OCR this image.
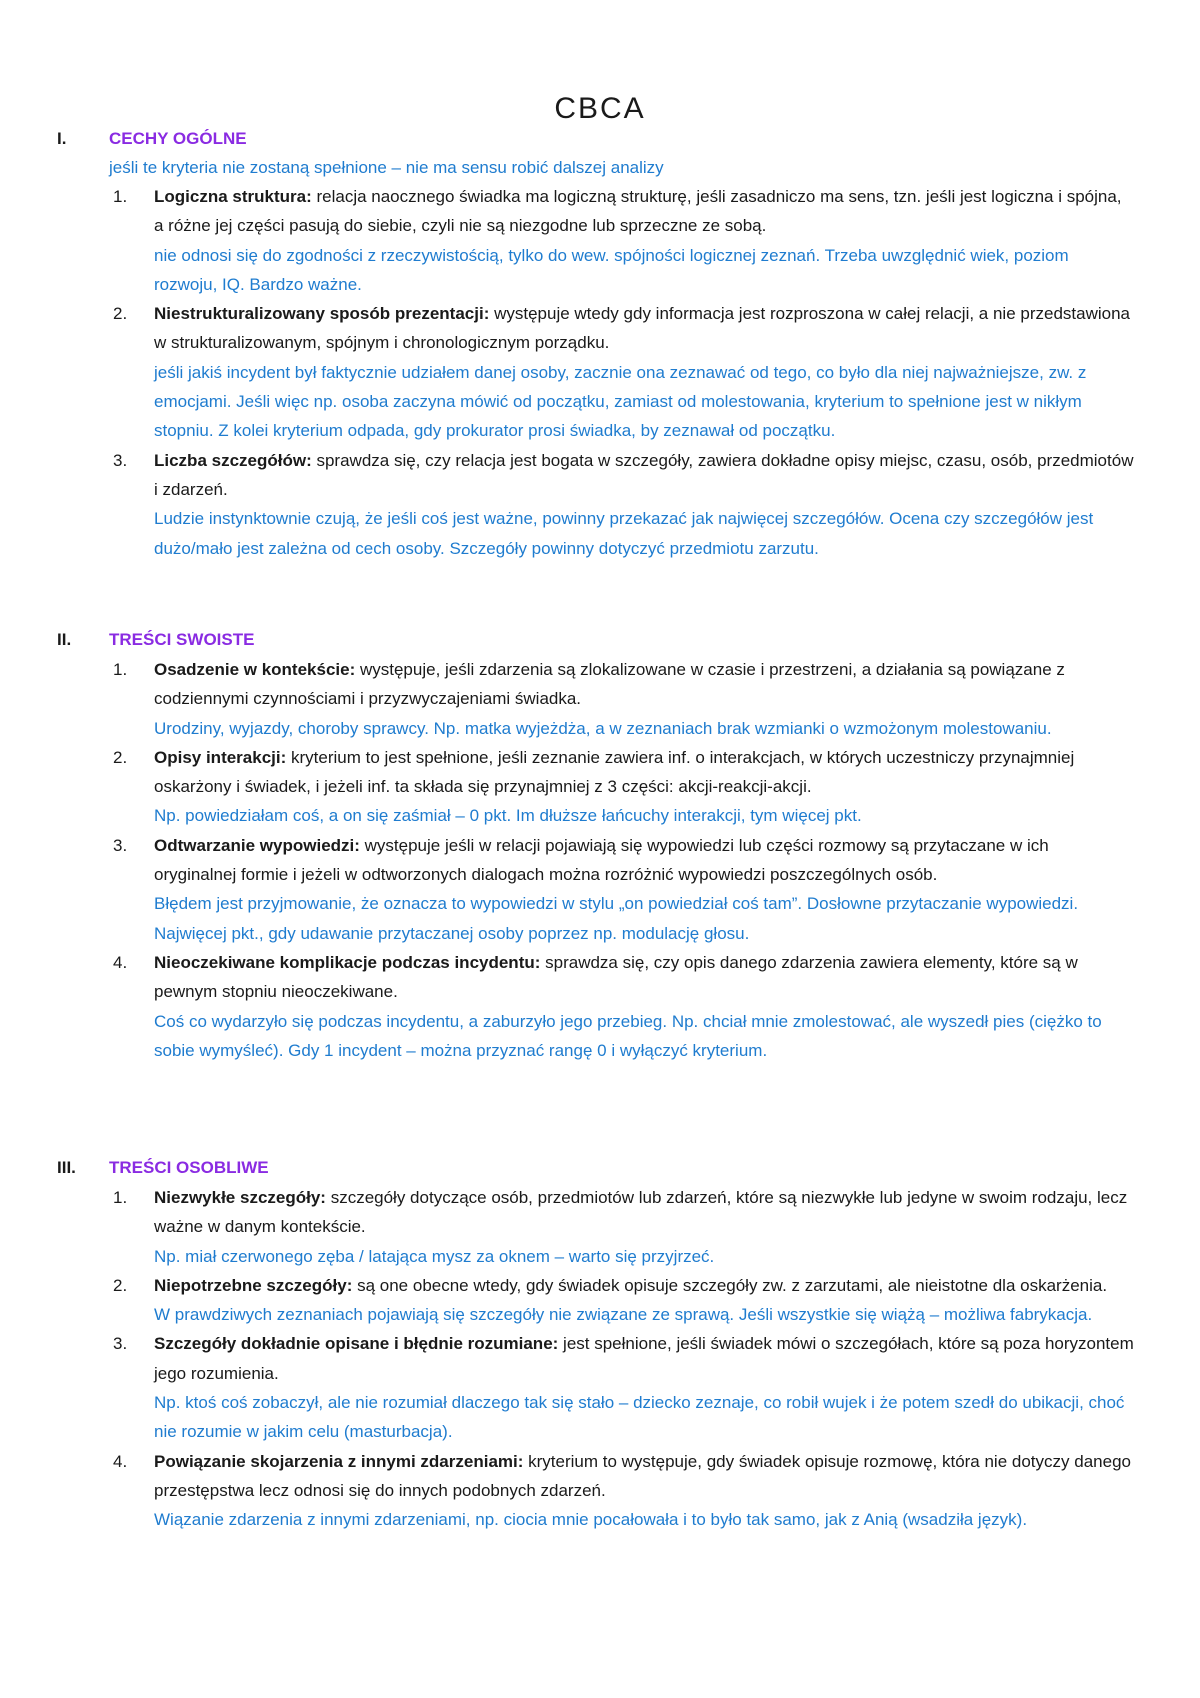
CBCA
I.	CECHY OGÓLNE
jeśli te kryteria nie zostaną spełnione – nie ma sensu robić dalszej analizy
1. Logiczna struktura: relacja naocznego świadka ma logiczną strukturę, jeśli zasadniczo ma sens, tzn. jeśli jest logiczna i spójna, a różne jej części pasują do siebie, czyli nie są niezgodne lub sprzeczne ze sobą.

nie odnosi się do zgodności z rzeczywistością, tylko do wew. spójności logicznej zeznań. Trzeba uwzględnić wiek, poziom rozwoju, IQ. Bardzo ważne.

2. Niestrukturalizowany sposób prezentacji: występuje wtedy gdy informacja jest rozproszona w całej relacji, a nie przedstawiona w strukturalizowanym, spójnym i chronologicznym porządku.

jeśli jakiś incydent był faktycznie udziałem danej osoby, zacznie ona zeznawać od tego, co było dla niej najważniejsze, zw. z emocjami. Jeśli więc np. osoba zaczyna mówić od początku, zamiast od molestowania, kryterium to spełnione jest w nikłym stopniu. Z kolei kryterium odpada, gdy prokurator prosi świadka, by zeznawał od początku.

3. Liczba szczegółów: sprawdza się, czy relacja jest bogata w szczegóły, zawiera dokładne opisy miejsc, czasu, osób, przedmiotów i zdarzeń.

Ludzie instynktownie czują, że jeśli coś jest ważne, powinny przekazać jak najwięcej szczegółów. Ocena czy szczegółów jest dużo/mało jest zależna od cech osoby. Szczegóły powinny dotyczyć przedmiotu zarzutu.

II. TREŚCI SWOISTE
1. Osadzenie w kontekście: występuje, jeśli zdarzenia są zlokalizowane w czasie i przestrzeni, a działania są powiązane z codziennymi czynnościami i przyzwyczajeniami świadka.

Urodziny, wyjazdy, choroby sprawcy. Np. matka wyjeżdża, a w zeznaniach brak wzmianki o wzmożonym molestowaniu.

2. Opisy interakcji: kryterium to jest spełnione, jeśli zeznanie zawiera inf. o interakcjach, w których uczestniczy przynajmniej oskarżony i świadek, i jeżeli inf. ta składa się przynajmniej z 3 części: akcji-reakcji-akcji.

Np. powiedziałam coś, a on się zaśmiał – 0 pkt. Im dłuższe łańcuchy interakcji, tym więcej pkt.

3. Odtwarzanie wypowiedzi: występuje jeśli w relacji pojawiają się wypowiedzi lub części rozmowy są przytaczane w ich oryginalnej formie i jeżeli w odtworzonych dialogach można rozróżnić wypowiedzi poszczególnych osób.

Błędem jest przyjmowanie, że oznacza to wypowiedzi w stylu „on powiedział coś tam”. Dosłowne przytaczanie wypowiedzi. Najwięcej pkt., gdy udawanie przytaczanej osoby poprzez np. modulację głosu.

4. Nieoczekiwane komplikacje podczas incydentu: sprawdza się, czy opis danego zdarzenia zawiera elementy, które są w pewnym stopniu nieoczekiwane.

Coś co wydarzyło się podczas incydentu, a zaburzyło jego przebieg. Np. chciał mnie zmolestować, ale wyszedł pies (ciężko to sobie wymyśleć). Gdy 1 incydent – można przyznać rangę 0 i wyłączyć kryterium.

III. TREŚCI OSOBLIWE
1. Niezwykłe szczegóły: szczegóły dotyczące osób, przedmiotów lub zdarzeń, które są niezwykłe lub jedyne w swoim rodzaju, lecz ważne w danym kontekście.

Np. miał czerwonego zęba / latająca mysz za oknem – warto się przyjrzeć.

2. Niepotrzebne szczegóły: są one obecne wtedy, gdy świadek opisuje szczegóły zw. z zarzutami, ale nieistotne dla oskarżenia.

W prawdziwych zeznaniach pojawiają się szczegóły nie związane ze sprawą. Jeśli wszystkie się wiążą – możliwa fabrykacja.

3. Szczegóły dokładnie opisane i błędnie rozumiane: jest spełnione, jeśli świadek mówi o szczegółach, które są poza horyzontem jego rozumienia.

Np. ktoś coś zobaczył, ale nie rozumiał dlaczego tak się stało – dziecko zeznaje, co robił wujek i że potem szedł do ubikacji, choć nie rozumie w jakim celu (masturbacja).

4. Powiązanie skojarzenia z innymi zdarzeniami: kryterium to występuje, gdy świadek opisuje rozmowę, która nie dotyczy danego przestępstwa lecz odnosi się do innych podobnych zdarzeń.

Wiązanie zdarzenia z innymi zdarzeniami, np. ciocia mnie pocałowała i to było tak samo, jak z Anią (wsadziła język).
